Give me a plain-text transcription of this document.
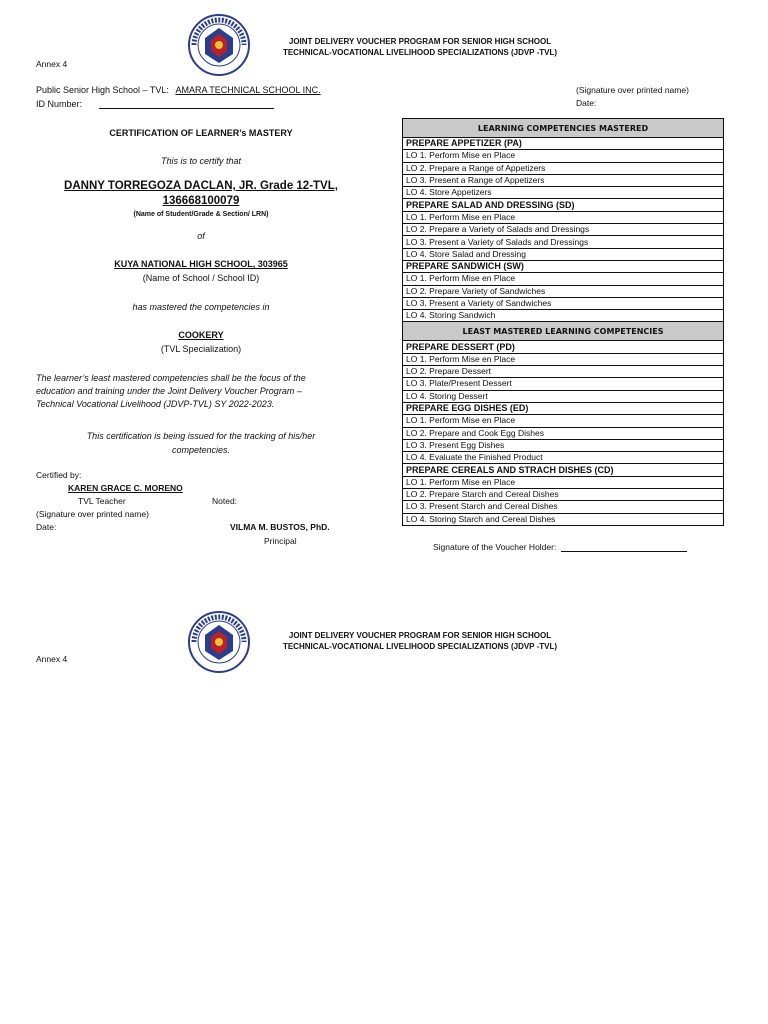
JOINT DELIVERY VOUCHER PROGRAM FOR SENIOR HIGH SCHOOL
TECHNICAL-VOCATIONAL LIVELIHOOD SPECIALIZATIONS (JDVP -TVL)
Annex 4
Public Senior High School – TVL: AMARA TECHNICAL SCHOOL INC.
ID Number:
CERTIFICATION OF LEARNER’s MASTERY
This is to certify that
DANNY TORREGOZA DACLAN, JR. Grade 12-TVL,
136668100079
(Name of Student/Grade & Section/ LRN)
of
KUYA NATIONAL HIGH SCHOOL, 303965
(Name of School / School ID)
has mastered the competencies in
COOKERY
(TVL Specialization)
The learner’s least mastered competencies shall be the focus of the
education and training under the Joint Delivery Voucher Program –
Technical Vocational Livelihood (JDVP-TVL) SY 2022-2023.
This certification is being issued for the tracking of his/her
competencies.
Certified by:
KAREN GRACE C. MORENO
TVL Teacher	Noted:
(Signature over printed name)
Date:	VILMA M. BUSTOS, PhD.
Principal
(Signature over printed name)
Date:
LEARNING COMPETENCIES MASTERED
PREPARE APPETIZER (PA)
LO 1. Perform Mise en Place
LO 2. Prepare a Range of Appetizers
LO 3. Present a Range of Appetizers
LO 4. Store Appetizers
PREPARE SALAD AND DRESSING (SD)
LO 1. Perform Mise en Place
LO 2. Prepare a Variety of Salads and Dressings
LO 3. Present a Variety of Salads and Dressings
LO 4. Store Salad and Dressing
PREPARE SANDWICH (SW)
LO 1. Perform Mise en Place
LO 2. Prepare Variety of Sandwiches
LO 3. Present a Variety of Sandwiches
LO 4. Storing Sandwich
LEAST MASTERED LEARNING COMPETENCIES
PREPARE DESSERT (PD)
LO 1. Perform Mise en Place
LO 2. Prepare Dessert
LO 3. Plate/Present Dessert
LO 4. Storing Dessert
PREPARE EGG DISHES (ED)
LO 1. Perform Mise en Place
LO 2. Prepare and Cook Egg Dishes
LO 3. Present Egg Dishes
LO 4. Evaluate the Finished Product
PREPARE CEREALS AND STRACH DISHES (CD)
LO 1. Perform Mise en Place
LO 2. Prepare Starch and Cereal Dishes
LO 3. Present Starch and Cereal Dishes
LO 4. Storing Starch and Cereal Dishes
Signature of the Voucher Holder:
JOINT DELIVERY VOUCHER PROGRAM FOR SENIOR HIGH SCHOOL
TECHNICAL-VOCATIONAL LIVELIHOOD SPECIALIZATIONS (JDVP -TVL)
Annex 4
